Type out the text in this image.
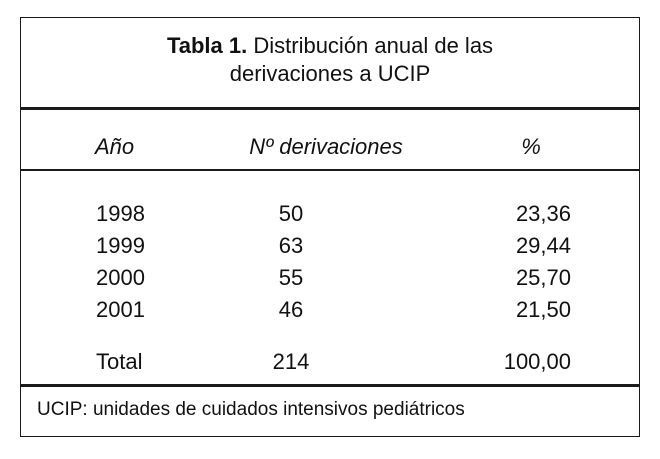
Tabla 1. Distribución anual de las
derivaciones a UCIP
Año	Nº derivaciones	%
1998	50	23,36
1999	63	29,44
2000	55	25,70
2001	46	21,50
Total	214	100,00
UCIP: unidades de cuidados intensivos pediátricos
